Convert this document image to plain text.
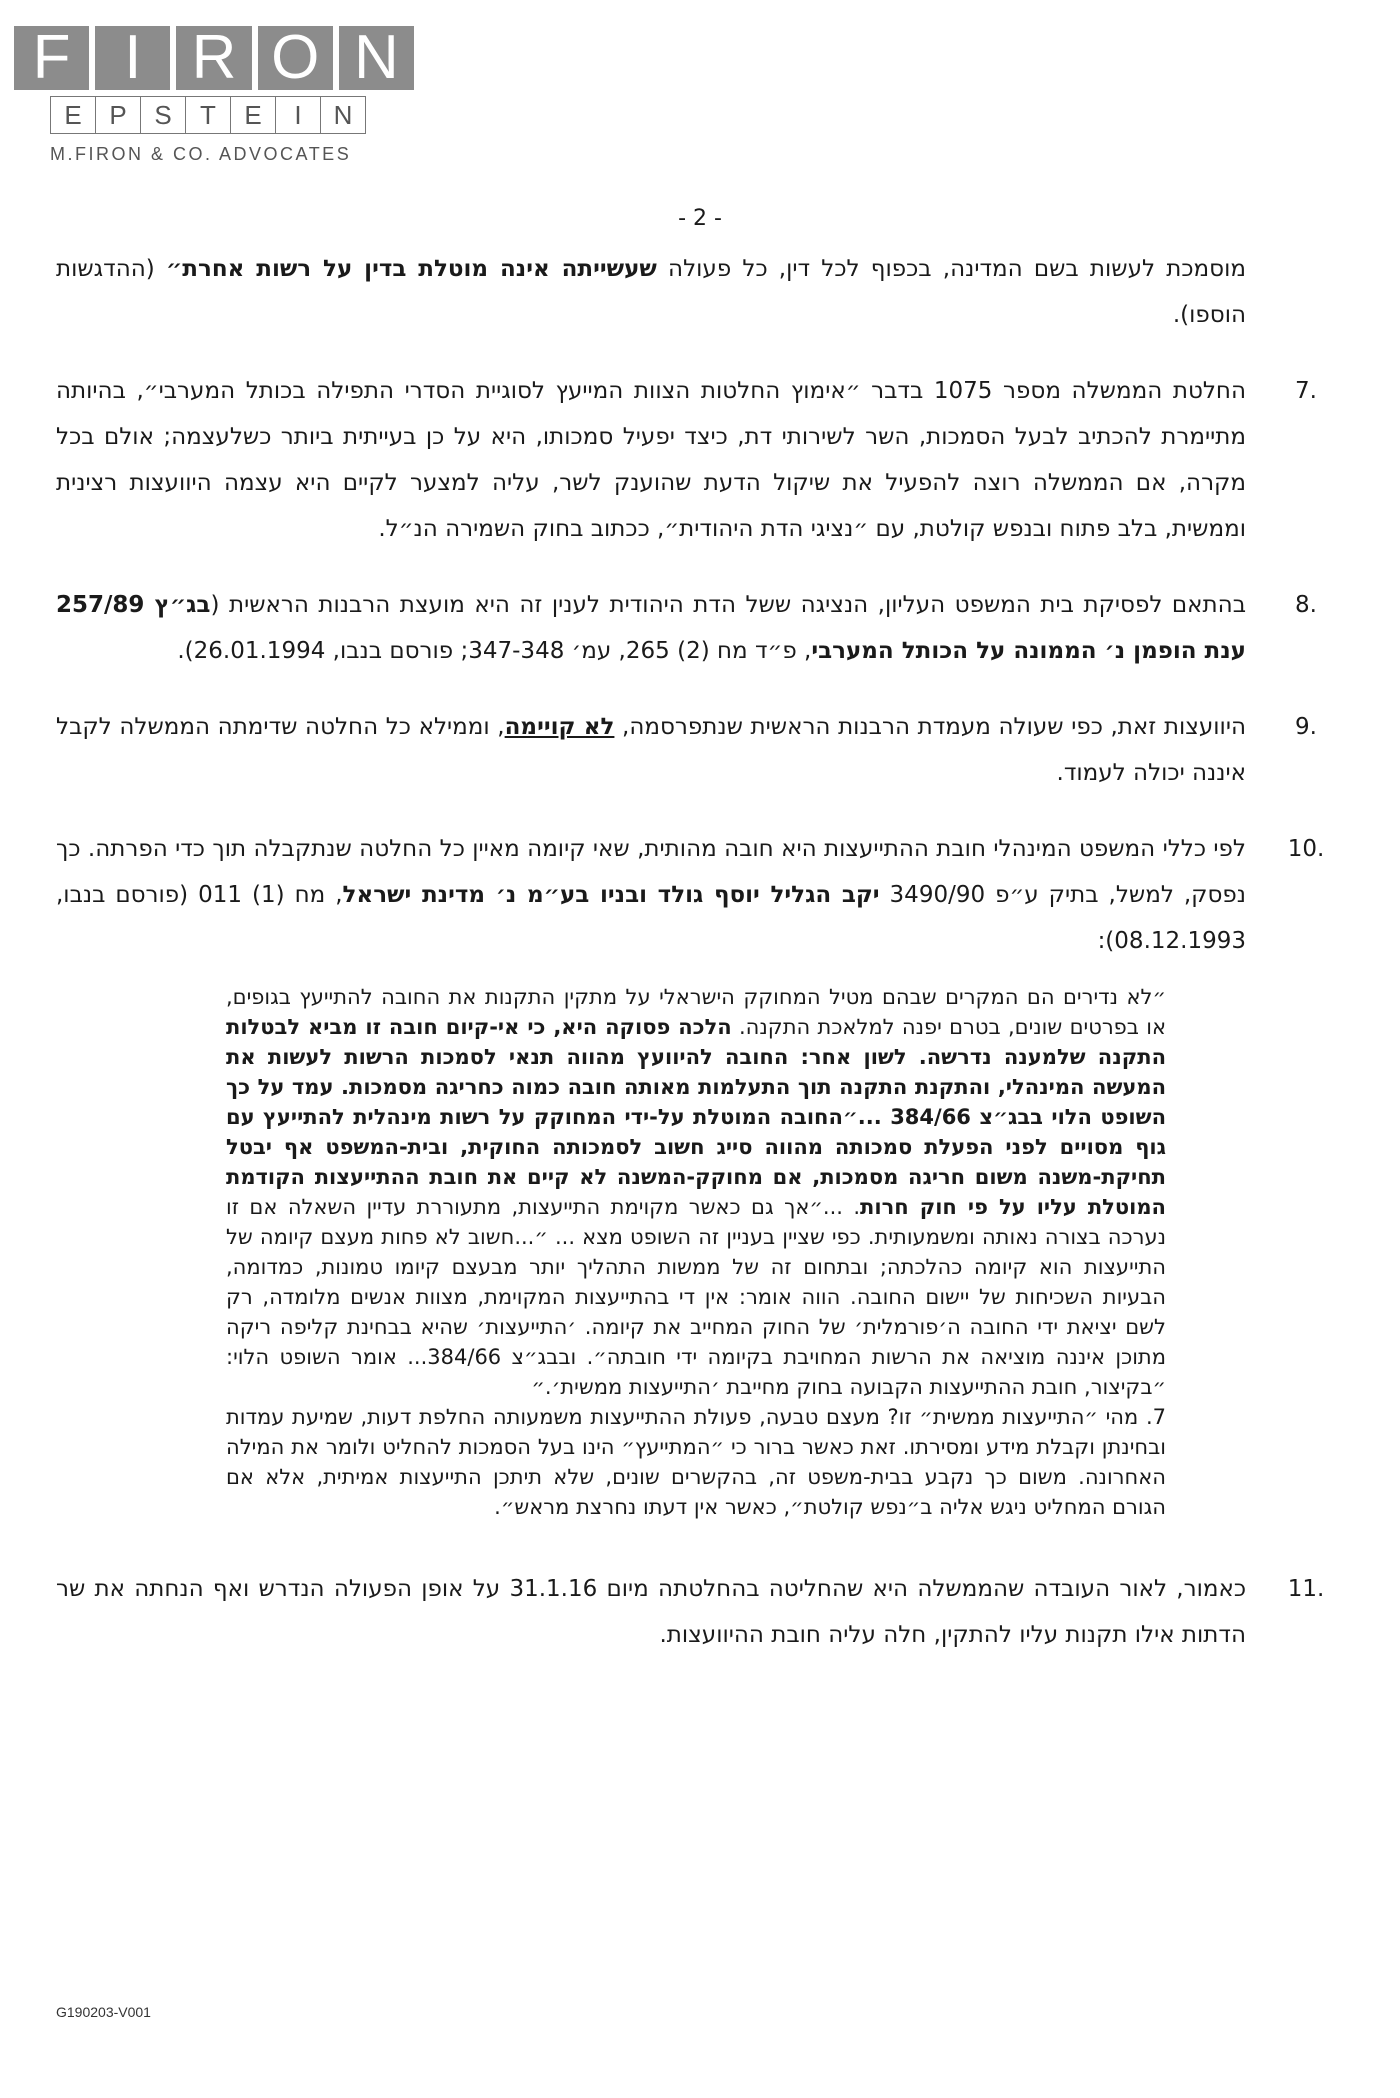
F I R O N
E	P	S	T	E	I	N
M.FIRON & CO. ADVOCATES
- 2 -

מוסמכת לעשות בשם המדינה, בכפוף לכל דין, כל פעולה שעשייתה אינה מוטלת בדין על רשות אחרת״ (ההדגשות הוספו).

7.
החלטת הממשלה מספר 1075 בדבר ״אימוץ החלטות הצוות המייעץ לסוגיית הסדרי התפילה בכותל המערבי״, בהיותה מתיימרת להכתיב לבעל הסמכות, השר לשירותי דת, כיצד יפעיל סמכותו, היא על כן בעייתית ביותר כשלעצמה; אולם בכל מקרה, אם הממשלה רוצה להפעיל את שיקול הדעת שהוענק לשר, עליה למצער לקיים היא עצמה היוועצות רצינית וממשית, בלב פתוח ובנפש קולטת, עם ״נציגי הדת היהודית״, ככתוב בחוק השמירה הנ״ל.
8.
בהתאם לפסיקת בית המשפט העליון, הנציגה ששל הדת היהודית לענין זה היא מועצת הרבנות הראשית (בג״ץ 257/89 ענת הופמן נ׳ הממונה על הכותל המערבי, פ״ד מח (2) 265, עמ׳ 347-348; פורסם בנבו, 26.01.1994).
9.
היוועצות זאת, כפי שעולה מעמדת הרבנות הראשית שנתפרסמה, לא קויימה, וממילא כל החלטה שדימתה הממשלה לקבל איננה יכולה לעמוד.
10.
לפי כללי המשפט המינהלי חובת ההתייעצות היא חובה מהותית, שאי קיומה מאיין כל החלטה שנתקבלה תוך כדי הפרתה. כך נפסק, למשל, בתיק ע״פ 3490/90 יקב הגליל יוסף גולד ובניו בע״מ נ׳ מדינת ישראל, מח (1) 011 (פורסם בנבו, 08.12.1993):
״לא נדירים הם המקרים שבהם מטיל המחוקק הישראלי על מתקין התקנות את החובה להתייעץ בגופים, או בפרטים שונים, בטרם יפנה למלאכת התקנה. הלכה פסוקה היא, כי אי-קיום חובה זו מביא לבטלות התקנה שלמענה נדרשה. לשון אחר: החובה להיוועץ מהווה תנאי לסמכות הרשות לעשות את המעשה המינהלי, והתקנת התקנה תוך התעלמות מאותה חובה כמוה כחריגה מסמכות. עמד על כך השופט הלוי בבג״צ 384/66 ...״החובה המוטלת על-ידי המחוקק על רשות מינהלית להתייעץ עם גוף מסויים לפני הפעלת סמכותה מהווה סייג חשוב לסמכותה החוקית, ובית-המשפט אף יבטל תחיקת-משנה משום חריגה מסמכות, אם מחוקק-המשנה לא קיים את חובת ההתייעצות הקודמת המוטלת עליו על פי חוק חרות. ...״אך גם כאשר מקוימת התייעצות, מתעוררת עדיין השאלה אם זו נערכה בצורה נאותה ומשמעותית. כפי שציין בעניין זה השופט מצא ... ״...חשוב לא פחות מעצם קיומה של התייעצות הוא קיומה כהלכתה; ובתחום זה של ממשות התהליך יותר מבעצם קיומו טמונות, כמדומה, הבעיות השכיחות של יישום החובה. הווה אומר: אין די בהתייעצות המקוימת, מצוות אנשים מלומדה, רק לשם יציאת ידי החובה ה׳פורמלית׳ של החוק המחייב את קיומה. ׳התייעצות׳ שהיא בבחינת קליפה ריקה מתוכן איננה מוציאה את הרשות המחויבת בקיומה ידי חובתה״. ובבג״צ 384/66... אומר השופט הלוי: ״בקיצור, חובת ההתייעצות הקבועה בחוק מחייבת ׳התייעצות ממשית׳.״
7. מהי ״התייעצות ממשית״ זו? מעצם טבעה, פעולת ההתייעצות משמעותה החלפת דעות, שמיעת עמדות ובחינתן וקבלת מידע ומסירתו. זאת כאשר ברור כי ״המתייעץ״ הינו בעל הסמכות להחליט ולומר את המילה האחרונה. משום כך נקבע בבית-משפט זה, בהקשרים שונים, שלא תיתכן התייעצות אמיתית, אלא אם הגורם המחליט ניגש אליה ב״נפש קולטת״, כאשר אין דעתו נחרצת מראש״.
11.
כאמור, לאור העובדה שהממשלה היא שהחליטה בהחלטתה מיום 31.1.16 על אופן הפעולה הנדרש ואף הנחתה את שר הדתות אילו תקנות עליו להתקין, חלה עליה חובת ההיוועצות.
G190203-V001
